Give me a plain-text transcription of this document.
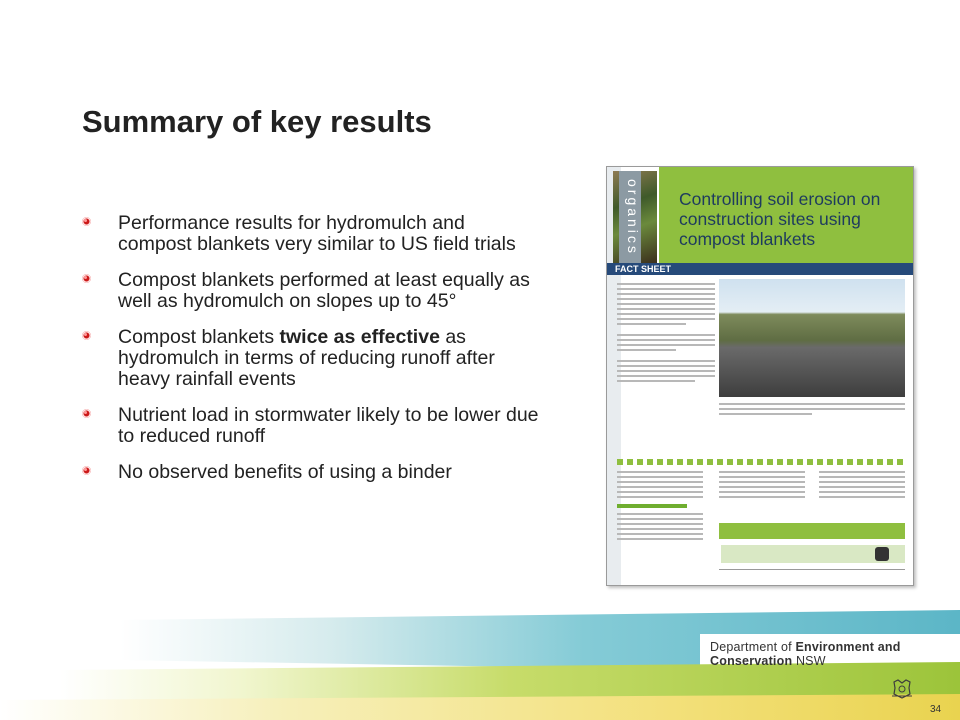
Summary of key results
Performance results for hydromulch and compost blankets very similar to US field trials
Compost blankets performed at least equally as well as hydromulch on slopes up to 45°
Compost blankets twice as effective as hydromulch in terms of reducing runoff after heavy rainfall events
Nutrient load in stormwater likely to be lower due to reduced runoff
No observed benefits of using a binder
organics Controlling soil erosion on construction sites using compost blankets
FACT SHEET
Department of Environment and Conservation NSW
34
